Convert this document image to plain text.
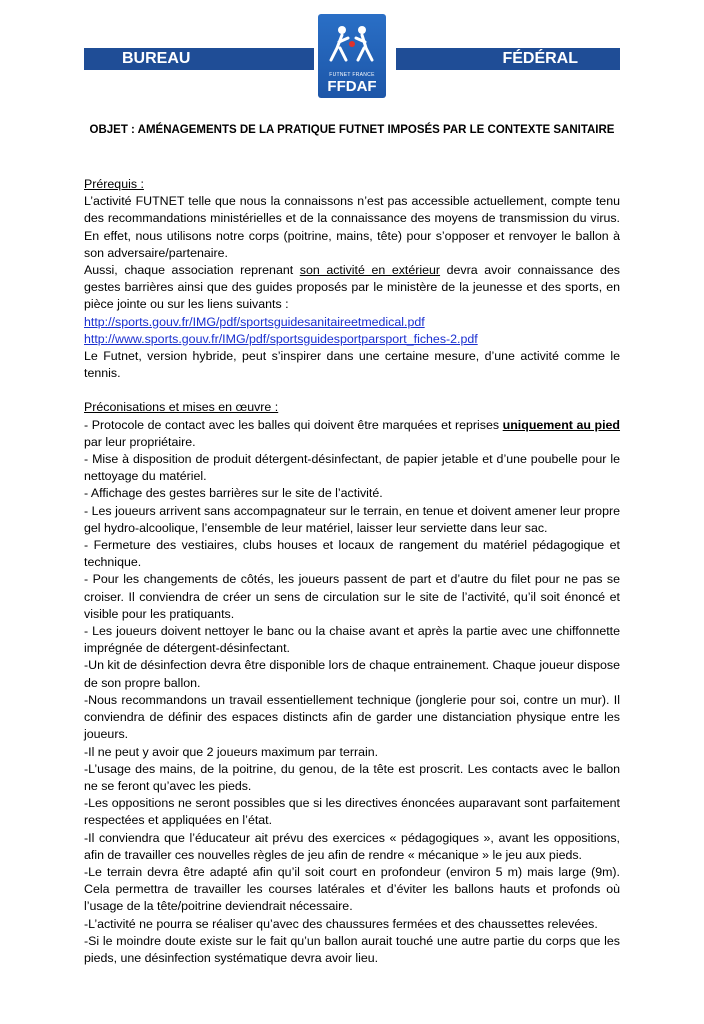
BUREAU	FÉDÉRAL
FUTNET FRANCE
FFDAF
OBJET : AMÉNAGEMENTS DE LA PRATIQUE FUTNET IMPOSÉS PAR LE CONTEXTE SANITAIRE

Prérequis :

L’activité FUTNET telle que nous la connaissons n’est pas accessible actuellement, compte tenu des recommandations ministérielles et de la connaissance des moyens de transmission du virus. En effet, nous utilisons notre corps (poitrine, mains, tête) pour s’opposer et renvoyer le ballon à son adversaire/partenaire.

Aussi, chaque association reprenant son activité en extérieur devra avoir connaissance des gestes barrières ainsi que des guides proposés par le ministère de la jeunesse et des sports, en pièce jointe ou sur les liens suivants :

http://sports.gouv.fr/IMG/pdf/sportsguidesanitaireetmedical.pdf

http://www.sports.gouv.fr/IMG/pdf/sportsguidesportparsport_fiches-2.pdf

Le Futnet, version hybride, peut s’inspirer dans une certaine mesure, d’une activité comme le tennis.

Préconisations et mises en œuvre :

- Protocole de contact avec les balles qui doivent être marquées et reprises uniquement au pied par leur propriétaire.

- Mise à disposition de produit détergent-désinfectant, de papier jetable et d’une poubelle pour le nettoyage du matériel.

- Affichage des gestes barrières sur le site de l’activité.

- Les joueurs arrivent sans accompagnateur sur le terrain, en tenue et doivent amener leur propre gel hydro-alcoolique, l’ensemble de leur matériel, laisser leur serviette dans leur sac.

- Fermeture des vestiaires, clubs houses et locaux de rangement du matériel pédagogique et technique.

- Pour les changements de côtés, les joueurs passent de part et d’autre du filet pour ne pas se croiser. Il conviendra de créer un sens de circulation sur le site de l’activité, qu’il soit énoncé et visible pour les pratiquants.

- Les joueurs doivent nettoyer le banc ou la chaise avant et après la partie avec une chiffonnette imprégnée de détergent-désinfectant.

-Un kit de désinfection devra être disponible lors de chaque entrainement. Chaque joueur dispose de son propre ballon.

-Nous recommandons un travail essentiellement technique (jonglerie pour soi, contre un mur). Il conviendra de définir des espaces distincts afin de garder une distanciation physique entre les joueurs.

-Il ne peut y avoir que 2 joueurs maximum par terrain.

-L’usage des mains, de la poitrine, du genou, de la tête est proscrit. Les contacts avec le ballon ne se feront qu’avec les pieds.

-Les oppositions ne seront possibles que si les directives énoncées auparavant sont parfaitement respectées et appliquées en l’état.

-Il conviendra que l’éducateur ait prévu des exercices « pédagogiques », avant les oppositions, afin de travailler ces nouvelles règles de jeu afin de rendre « mécanique » le jeu aux pieds.

-Le terrain devra être adapté afin qu’il soit court en profondeur (environ 5 m) mais large (9m). Cela permettra de travailler les courses latérales et d’éviter les ballons hauts et profonds où l’usage de la tête/poitrine deviendrait nécessaire.

-L’activité ne pourra se réaliser qu’avec des chaussures fermées et des chaussettes relevées.

-Si le moindre doute existe sur le fait qu’un ballon aurait touché une autre partie du corps que les pieds, une désinfection systématique devra avoir lieu.
